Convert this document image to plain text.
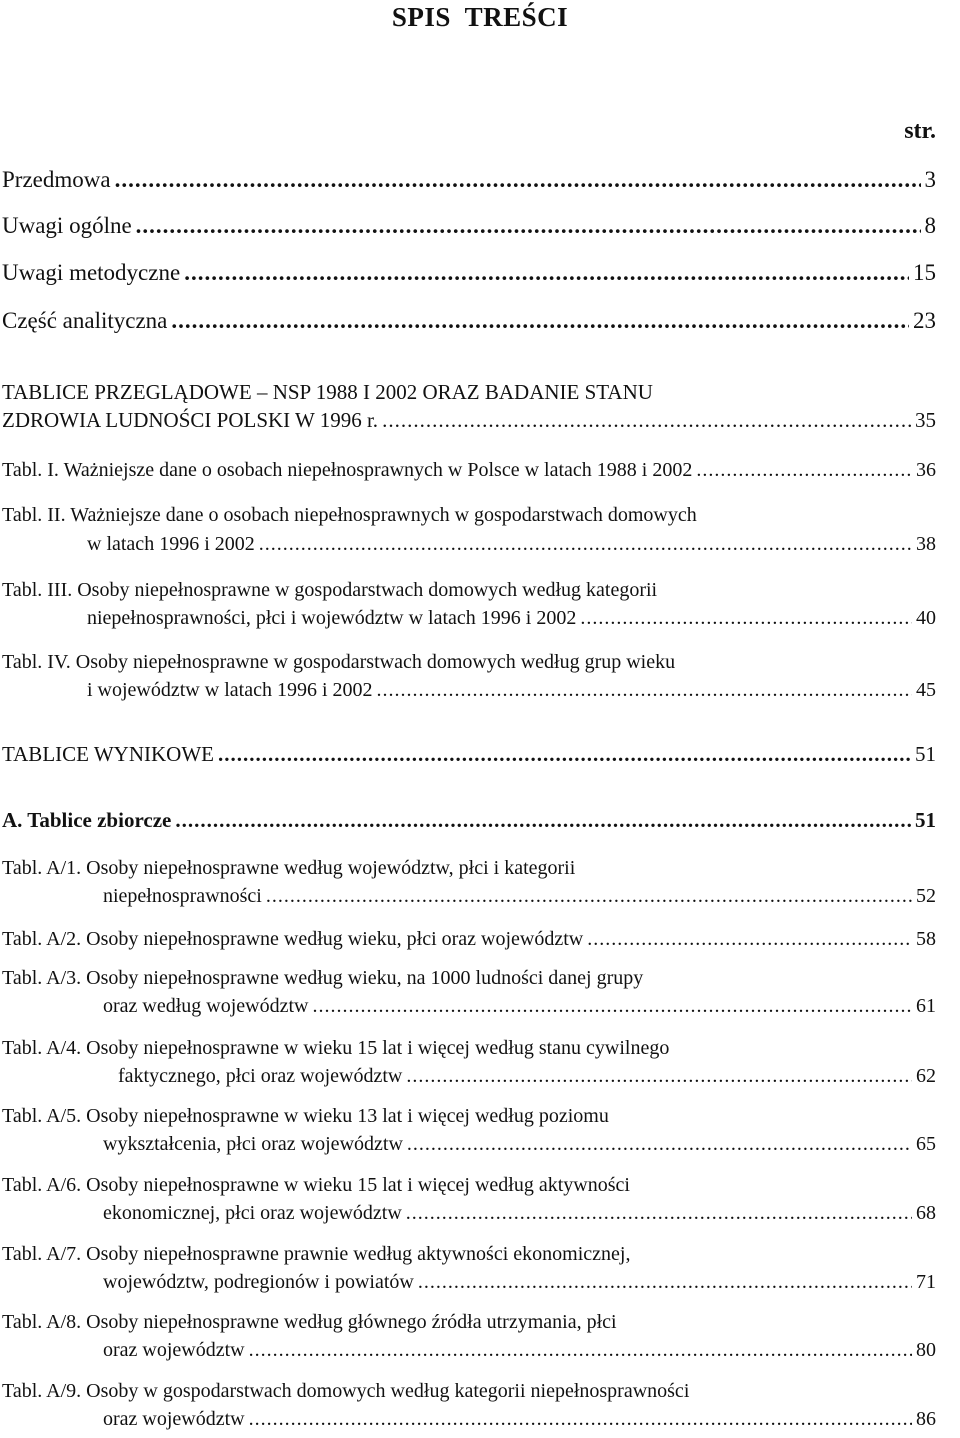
SPIS TREŚCI
str.
Przedmowa .....	3
Uwagi ogólne .....	8
Uwagi metodyczne .....	15
Część analityczna .....	23
TABLICE PRZEGLĄDOWE – NSP 1988 I 2002 ORAZ BADANIE STANU
ZDROWIA LUDNOŚCI POLSKI W 1996 r. .....	35
Tabl. I. Ważniejsze dane o osobach niepełnosprawnych w Polsce w latach 1988 i 2002 .....	36
Tabl. II. Ważniejsze dane o osobach niepełnosprawnych w gospodarstwach domowych
w latach 1996 i 2002 .....	38
Tabl. III. Osoby niepełnosprawne w gospodarstwach domowych według kategorii
niepełnosprawności, płci i województw w latach 1996 i 2002 .....	40
Tabl. IV. Osoby niepełnosprawne w gospodarstwach domowych według grup wieku
i województw w latach 1996 i 2002 .....	45
TABLICE WYNIKOWE .....	51
A. Tablice zbiorcze .....	51
Tabl. A/1. Osoby niepełnosprawne według województw, płci i kategorii
niepełnosprawności .....	52
Tabl. A/2. Osoby niepełnosprawne według wieku, płci oraz województw .....	58
Tabl. A/3. Osoby niepełnosprawne według wieku, na 1000 ludności danej grupy
oraz według województw .....	61
Tabl. A/4. Osoby niepełnosprawne w wieku 15 lat i więcej według stanu cywilnego
faktycznego, płci oraz województw .....	62
Tabl. A/5. Osoby niepełnosprawne w wieku 13 lat i więcej według poziomu
wykształcenia, płci oraz województw .....	65
Tabl. A/6. Osoby niepełnosprawne w wieku 15 lat i więcej według aktywności
ekonomicznej, płci oraz województw .....	68
Tabl. A/7. Osoby niepełnosprawne prawnie według aktywności ekonomicznej,
województw, podregionów i powiatów .....	71
Tabl. A/8. Osoby niepełnosprawne według głównego źródła utrzymania, płci
oraz województw .....	80
Tabl. A/9. Osoby w gospodarstwach domowych według kategorii niepełnosprawności
oraz województw .....	86
